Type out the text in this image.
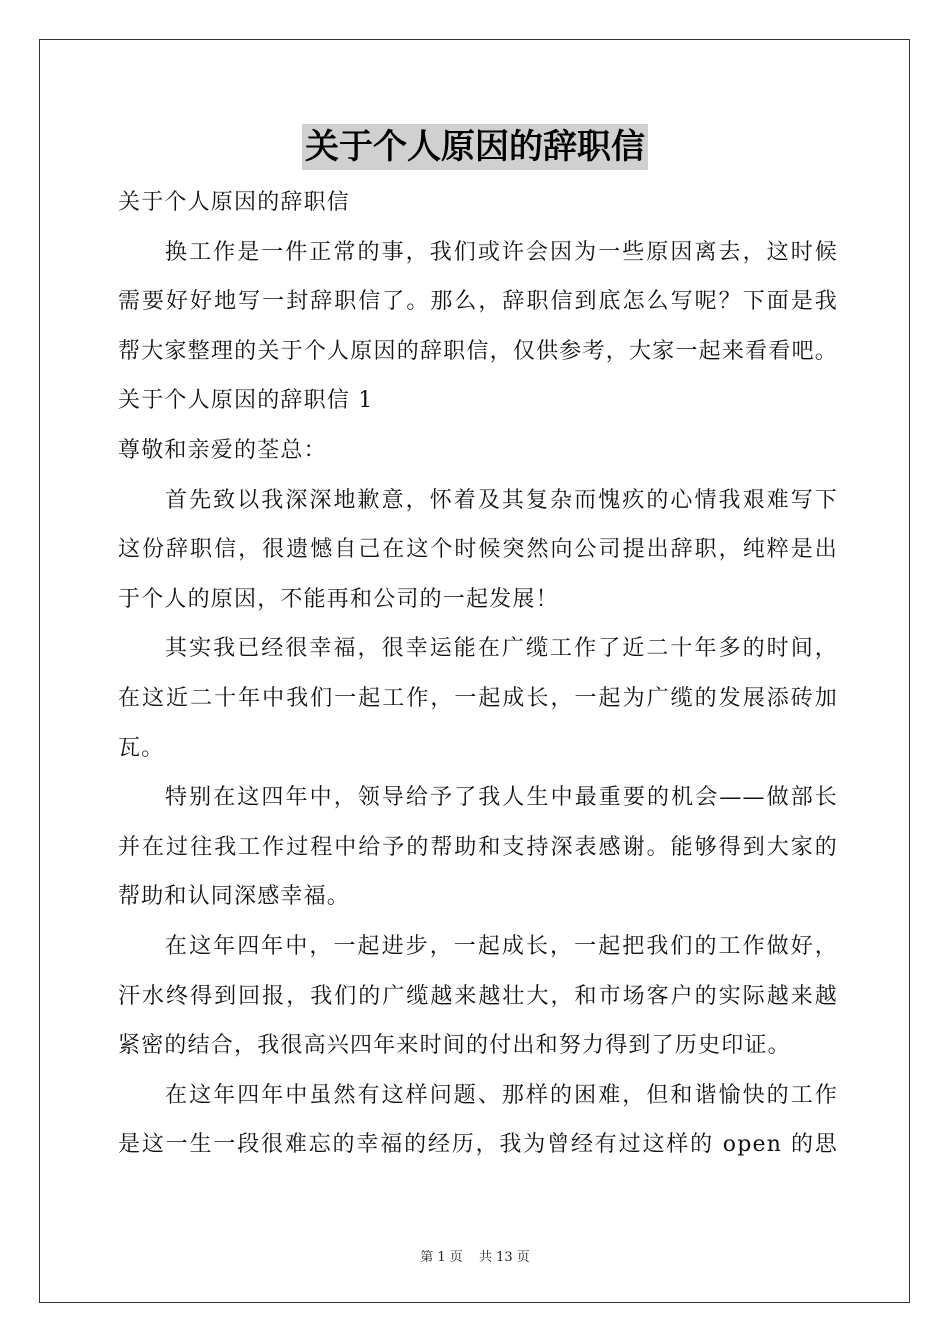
关于个人原因的辞职信
关于个人原因的辞职信
换工作是一件正常的事，我们或许会因为一些原因离去，这时候
需要好好地写一封辞职信了。那么，辞职信到底怎么写呢？下面是我
帮大家整理的关于个人原因的辞职信，仅供参考，大家一起来看看吧。
关于个人原因的辞职信 1
尊敬和亲爱的荃总：
首先致以我深深地歉意，怀着及其复杂而愧疚的心情我艰难写下
这份辞职信，很遗憾自己在这个时候突然向公司提出辞职，纯粹是出
于个人的原因，不能再和公司的一起发展！
其实我已经很幸福，很幸运能在广缆工作了近二十年多的时间，
在这近二十年中我们一起工作，一起成长，一起为广缆的发展添砖加
瓦。
特别在这四年中，领导给予了我人生中最重要的机会——做部长
并在过往我工作过程中给予的帮助和支持深表感谢。能够得到大家的
帮助和认同深感幸福。
在这年四年中，一起进步，一起成长，一起把我们的工作做好，
汗水终得到回报，我们的广缆越来越壮大，和市场客户的实际越来越
紧密的结合，我很高兴四年来时间的付出和努力得到了历史印证。
在这年四年中虽然有这样问题、那样的困难，但和谐愉快的工作
是这一生一段很难忘的幸福的经历，我为曾经有过这样的 open 的思
第 1 页 共 13 页
